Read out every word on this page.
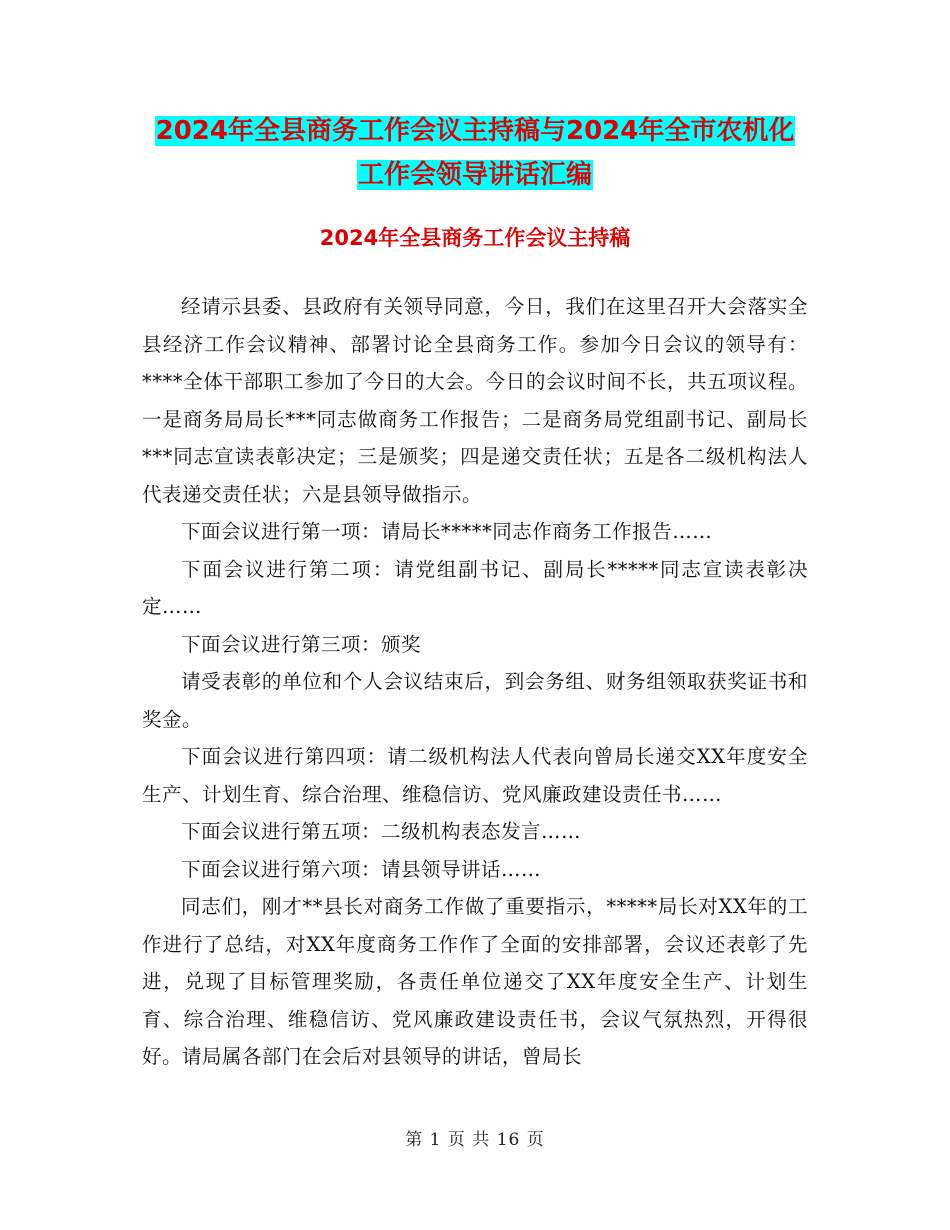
2024年全县商务工作会议主持稿与2024年全市农机化
工作会领导讲话汇编
2024年全县商务工作会议主持稿

经请示县委、县政府有关领导同意，今日，我们在这里召开大会落实全县经济工作会议精神、部署讨论全县商务工作。参加今日会议的领导有：****全体干部职工参加了今日的大会。今日的会议时间不长，共五项议程。一是商务局局长***同志做商务工作报告；二是商务局党组副书记、副局长***同志宣读表彰决定；三是颁奖；四是递交责任状；五是各二级机构法人代表递交责任状；六是县领导做指示。

下面会议进行第一项：请局长*****同志作商务工作报告……

下面会议进行第二项：请党组副书记、副局长*****同志宣读表彰决定……

下面会议进行第三项：颁奖

请受表彰的单位和个人会议结束后，到会务组、财务组领取获奖证书和奖金。

下面会议进行第四项：请二级机构法人代表向曾局长递交XX年度安全生产、计划生育、综合治理、维稳信访、党风廉政建设责任书……

下面会议进行第五项：二级机构表态发言……

下面会议进行第六项：请县领导讲话……

同志们，刚才**县长对商务工作做了重要指示，*****局长对XX年的工作进行了总结，对XX年度商务工作作了全面的安排部署，会议还表彰了先进，兑现了目标管理奖励，各责任单位递交了XX年度安全生产、计划生育、综合治理、维稳信访、党风廉政建设责任书，会议气氛热烈，开得很好。请局属各部门在会后对县领导的讲话，曾局长

第 1 页 共 16 页
